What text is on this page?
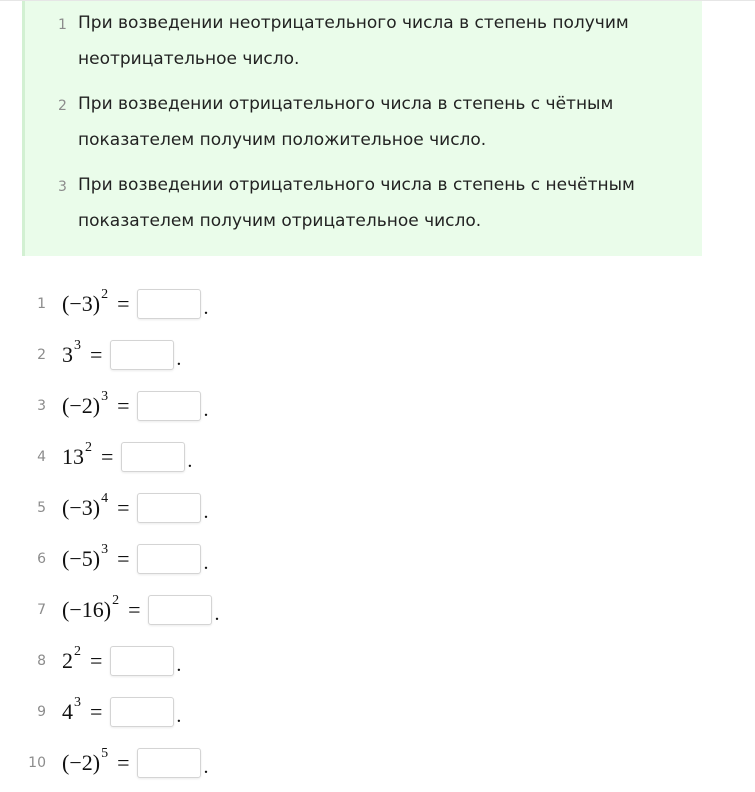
1 При возведении неотрицательного числа в степень получим неотрицательное число.
2 При возведении отрицательного числа в степень с чётным показателем получим положительное число.
3 При возведении отрицательного числа в степень с нечётным показателем получим отрицательное число.
1 $(-3)^2$ =	.
2 $3^3$ =	.
3 $(-2)^3$ =	.
4 $13^2$ =	.
5 $(-3)^4$ =	.
6 $(-5)^3$ =	.
7 $(-16)^2$ =	.
8 $2^2$ =	.
9 $4^3$ =	.
10 $(-2)^5$ =	.
